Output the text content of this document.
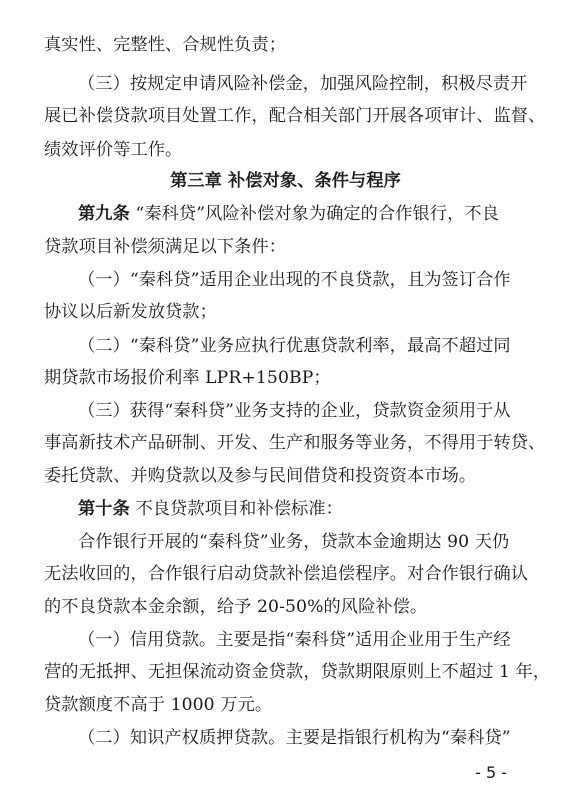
真实性、完整性、合规性负责；
（三）按规定申请风险补偿金，加强风险控制，积极尽责开
展已补偿贷款项目处置工作，配合相关部门开展各项审计、监督、
绩效评价等工作。
第三章 补偿对象、条件与程序
第九条 “秦科贷”风险补偿对象为确定的合作银行，不良
贷款项目补偿须满足以下条件：
（一）“秦科贷”适用企业出现的不良贷款，且为签订合作
协议以后新发放贷款；
（二）“秦科贷”业务应执行优惠贷款利率，最高不超过同
期贷款市场报价利率 LPR+150BP；
（三）获得“秦科贷”业务支持的企业，贷款资金须用于从
事高新技术产品研制、开发、生产和服务等业务，不得用于转贷、
委托贷款、并购贷款以及参与民间借贷和投资资本市场。
第十条 不良贷款项目和补偿标准：
合作银行开展的“秦科贷”业务，贷款本金逾期达 90 天仍
无法收回的，合作银行启动贷款补偿追偿程序。对合作银行确认
的不良贷款本金余额，给予 20-50%的风险补偿。
（一）信用贷款。主要是指“秦科贷”适用企业用于生产经
营的无抵押、无担保流动资金贷款，贷款期限原则上不超过 1 年，
贷款额度不高于 1000 万元。
（二）知识产权质押贷款。主要是指银行机构为“秦科贷”
- 5 -
